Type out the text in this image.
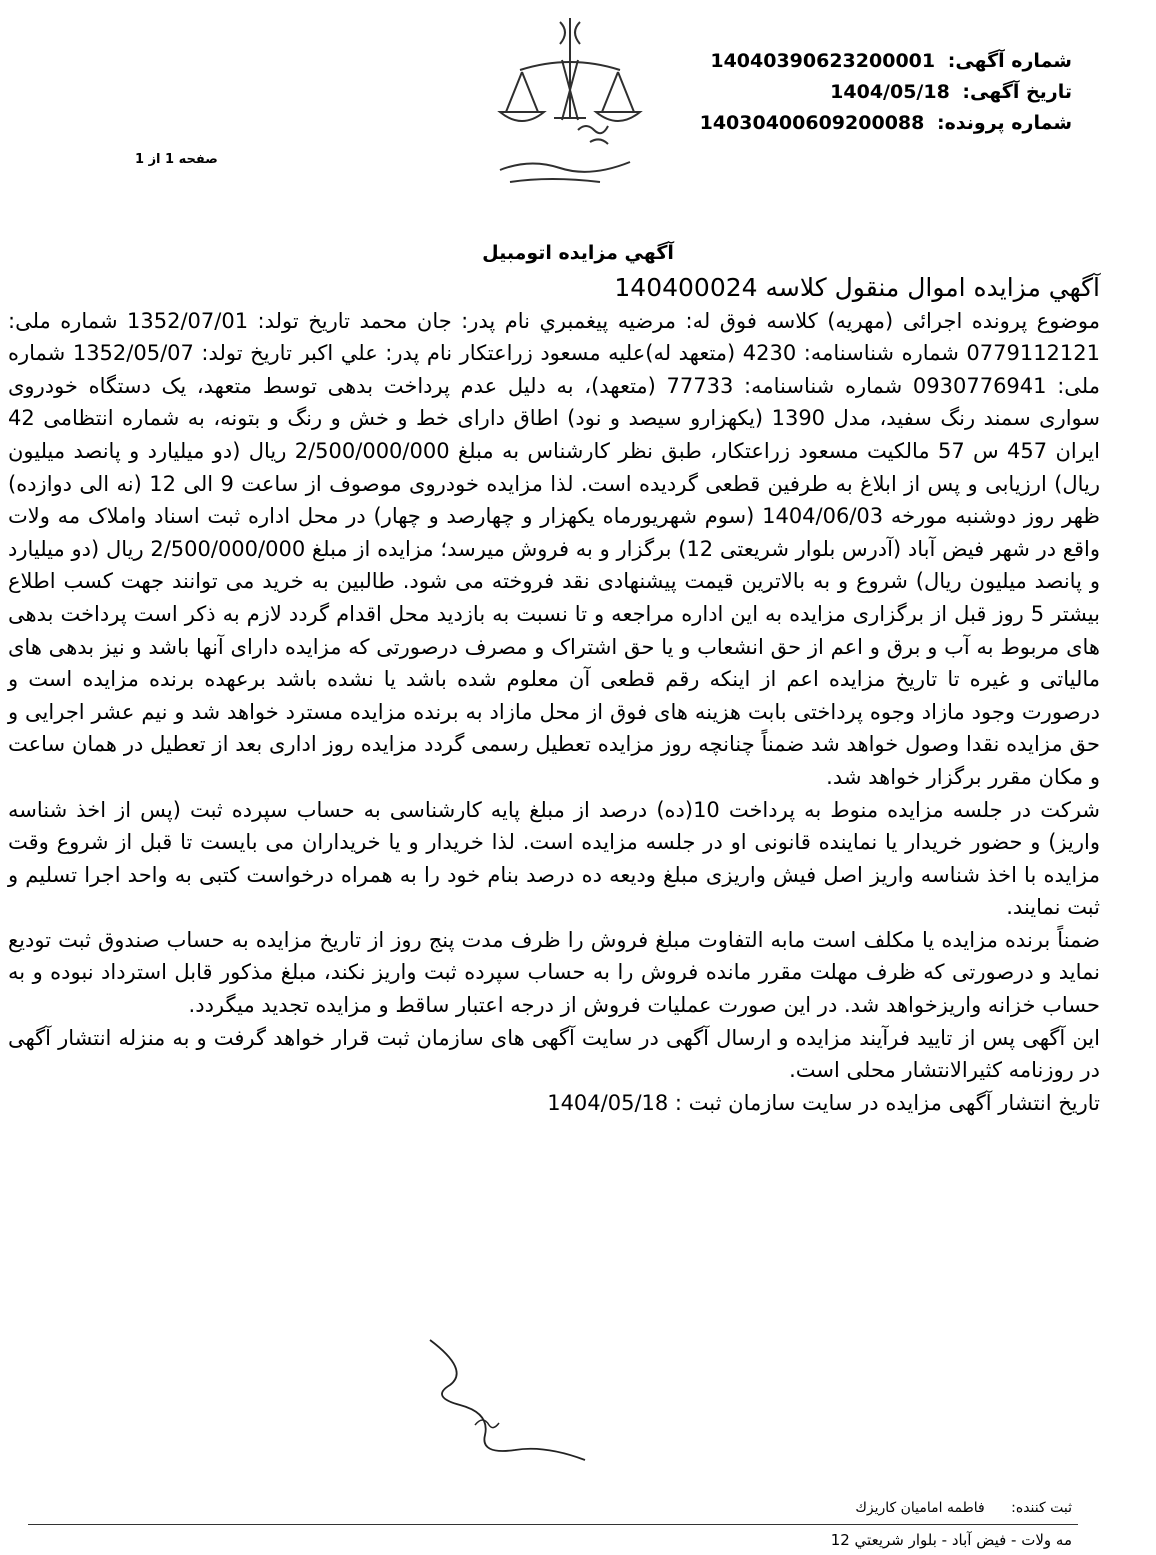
شماره آگهی: 14040390623200001
تاریخ آگهی: 1404/05/18
شماره پرونده: 14030400609200088
صفحه 1 از 1
آگهي مزايده اتومبيل

آگهي مزايده اموال منقول كلاسه 140400024

موضوع پرونده اجرائی (مهريه) كلاسه فوق له: مرضيه پيغمبري نام پدر: جان محمد تاريخ تولد: 1352/07/01 شماره ملی: 0779112121 شماره شناسنامه: 4230 (متعهد له)عليه مسعود زراعتكار نام پدر: علي اكبر تاريخ تولد: 1352/05/07 شماره ملی: 0930776941 شماره شناسنامه: 77733 (متعهد)، به دليل عدم پرداخت بدهی توسط متعهد، يک دستگاه خودروی سواری سمند رنگ سفيد، مدل 1390 (يكهزارو سيصد و نود) اطاق دارای خط و خش و رنگ و بتونه، به شماره انتظامی 42 ايران 457 س 57 مالكيت مسعود زراعتكار، طبق نظر كارشناس به مبلغ 2/500/000/000 ريال (دو ميليارد و پانصد ميليون ريال) ارزيابی و پس از ابلاغ به طرفين قطعی گرديده است. لذا مزايده خودروی موصوف از ساعت 9 الی 12 (نه الی دوازده) ظهر روز دوشنبه مورخه 1404/06/03 (سوم شهريورماه يكهزار و چهارصد و چهار) در محل اداره ثبت اسناد واملاک مه ولات واقع در شهر فيض آباد (آدرس بلوار شريعتی 12) برگزار و به فروش ميرسد؛ مزايده از مبلغ 2/500/000/000 ريال (دو ميليارد و پانصد ميليون ريال) شروع و به بالاترين قيمت پيشنهادی نقد فروخته می شود. طالبين به خريد می توانند جهت كسب اطلاع بيشتر 5 روز قبل از برگزاری مزايده به اين اداره مراجعه و تا نسبت به بازديد محل اقدام گردد لازم به ذكر است پرداخت بدهی های مربوط به آب و برق و اعم از حق انشعاب و يا حق اشتراک و مصرف درصورتی كه مزايده دارای آنها باشد و نيز بدهی های مالياتی و غيره تا تاريخ مزايده اعم از اينكه رقم قطعی آن معلوم شده باشد يا نشده باشد برعهده برنده مزايده است و درصورت وجود مازاد وجوه پرداختی بابت هزينه های فوق از محل مازاد به برنده مزايده مسترد خواهد شد و نيم عشر اجرايی و حق مزايده نقدا وصول خواهد شد ضمناً چنانچه روز مزايده تعطيل رسمی گردد مزايده روز اداری بعد از تعطيل در همان ساعت و مكان مقرر برگزار خواهد شد.

شركت در جلسه مزايده منوط به پرداخت 10(ده) درصد از مبلغ پايه كارشناسی به حساب سپرده ثبت (پس از اخذ شناسه واريز) و حضور خريدار يا نماينده قانونی او در جلسه مزايده است. لذا خريدار و يا خريداران می بايست تا قبل از شروع وقت مزايده با اخذ شناسه واريز اصل فيش واريزی مبلغ وديعه ده درصد بنام خود را به همراه درخواست كتبی به واحد اجرا تسليم و ثبت نمايند.

ضمناً برنده مزايده يا مكلف است مابه التفاوت مبلغ فروش را ظرف مدت پنج روز از تاريخ مزايده به حساب صندوق ثبت توديع نمايد و درصورتی كه ظرف مهلت مقرر مانده فروش را به حساب سپرده ثبت واريز نكند، مبلغ مذكور قابل استرداد نبوده و به حساب خزانه واريزخواهد شد. در اين صورت عمليات فروش از درجه اعتبار ساقط و مزايده تجديد ميگردد.

اين آگهی پس از تاييد فرآيند مزايده و ارسال آگهی در سايت آگهی های سازمان ثبت قرار خواهد گرفت و به منزله انتشار آگهی در روزنامه كثيرالانتشار محلی است.

تاريخ انتشار آگهی مزايده در سايت سازمان ثبت : 1404/05/18

ثبت كننده: فاطمه اماميان كاريزك
مه ولات - فيض آباد - بلوار شريعتي 12
